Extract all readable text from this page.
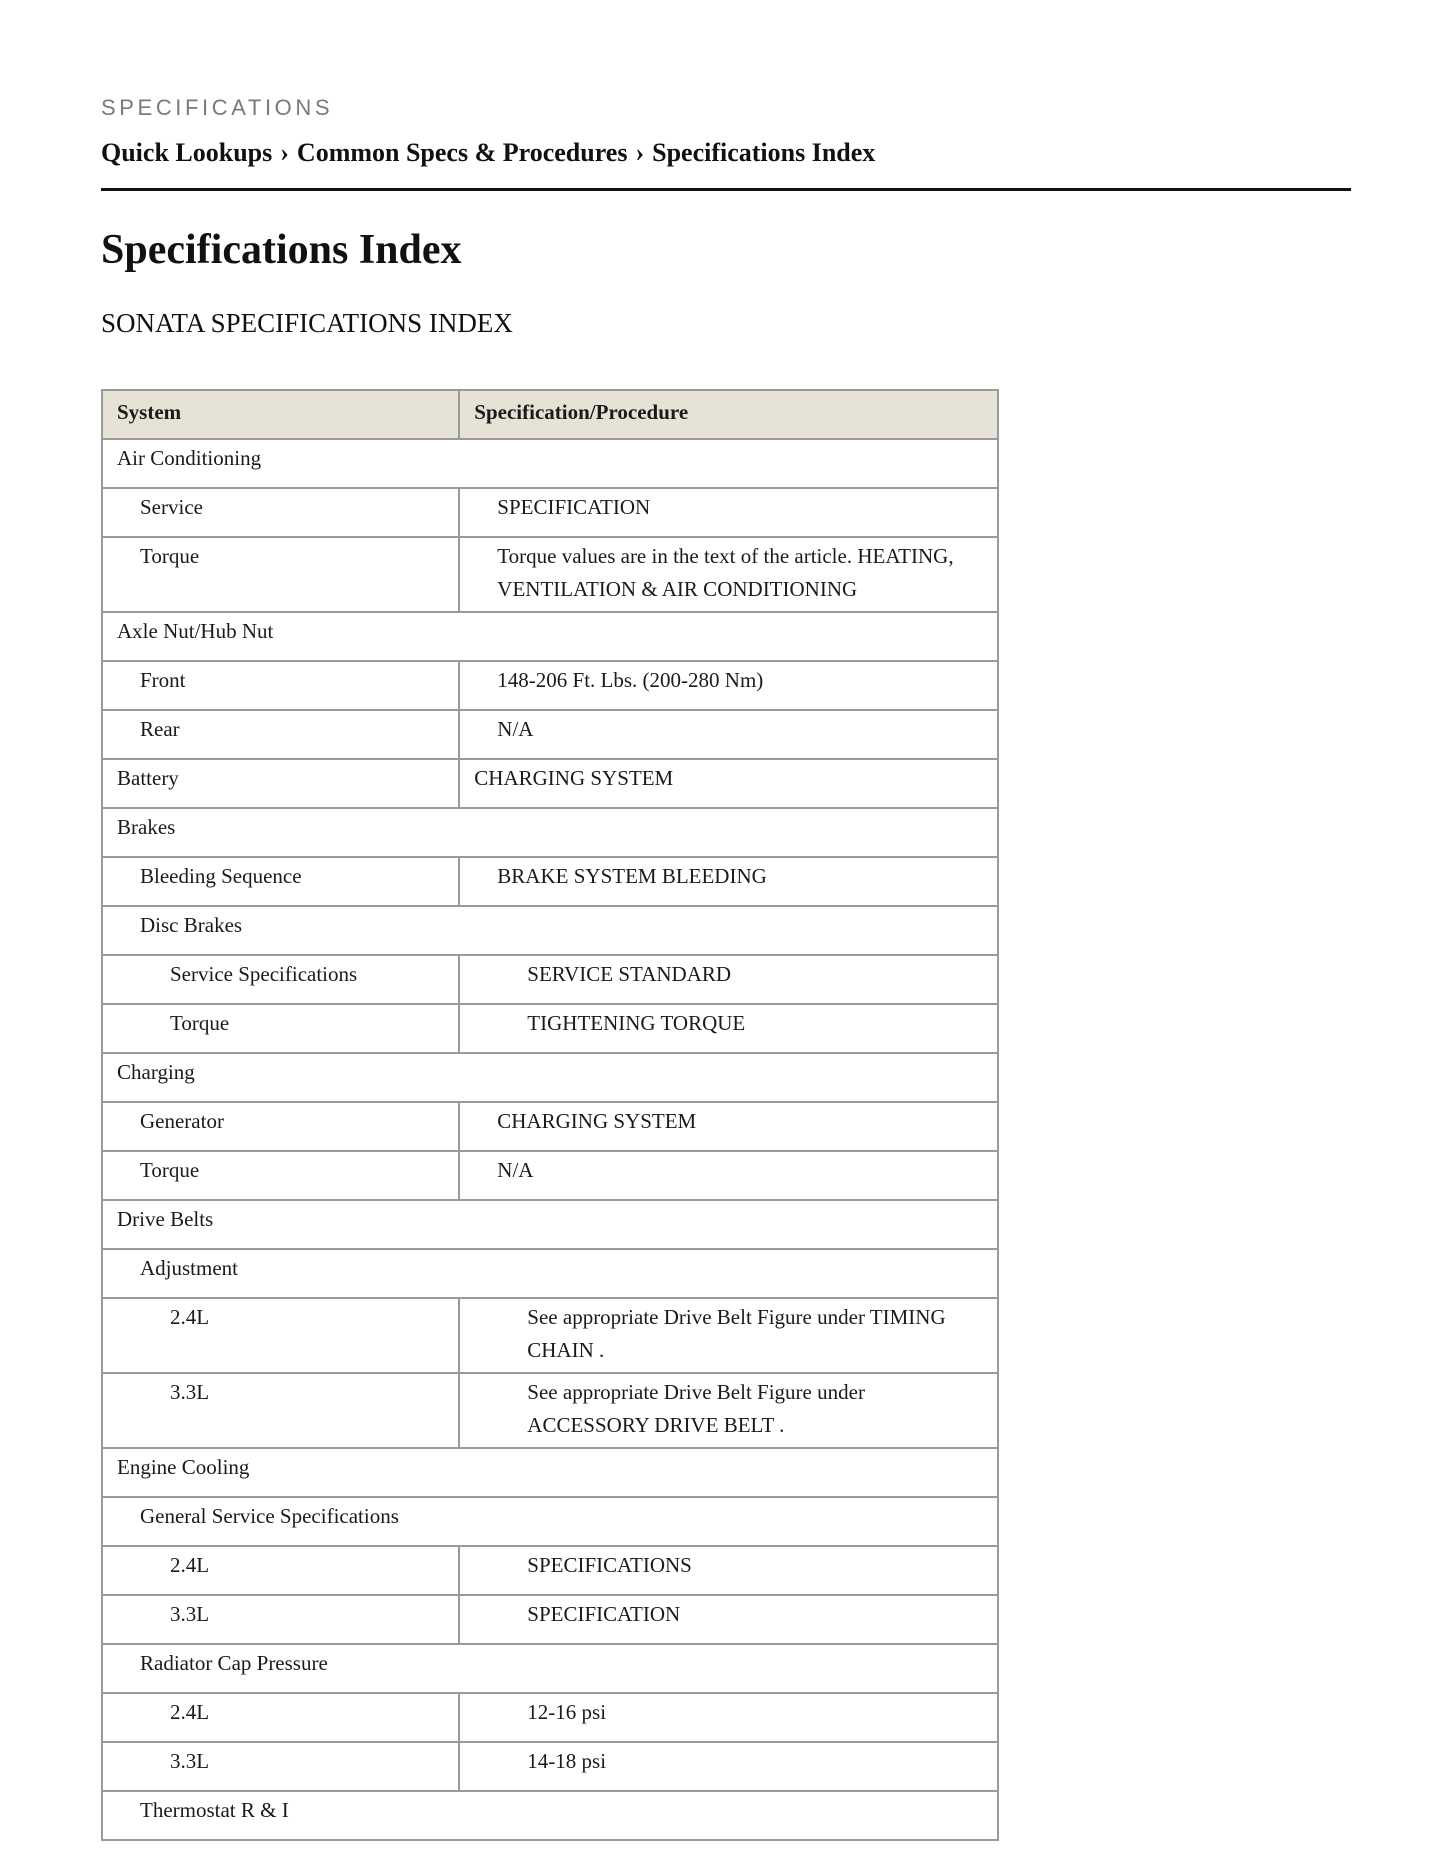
SPECIFICATIONS
Quick Lookups › Common Specs & Procedures › Specifications Index
Specifications Index
SONATA SPECIFICATIONS INDEX
System	Specification/Procedure
Air Conditioning	
Service	SPECIFICATION
Torque	Torque values are in the text of the article. HEATING, VENTILATION & AIR CONDITIONING
Axle Nut/Hub Nut	
Front	148-206 Ft. Lbs. (200-280 Nm)
Rear	N/A
Battery	CHARGING SYSTEM
Brakes	
Bleeding Sequence	BRAKE SYSTEM BLEEDING
Disc Brakes	
Service Specifications	SERVICE STANDARD
Torque	TIGHTENING TORQUE
Charging	
Generator	CHARGING SYSTEM
Torque	N/A
Drive Belts	
Adjustment	
2.4L	See appropriate Drive Belt Figure under TIMING CHAIN .
3.3L	See appropriate Drive Belt Figure under ACCESSORY DRIVE BELT .
Engine Cooling	
General Service Specifications	
2.4L	SPECIFICATIONS
3.3L	SPECIFICATION
Radiator Cap Pressure	
2.4L	12-16 psi
3.3L	14-18 psi
Thermostat R & I	
